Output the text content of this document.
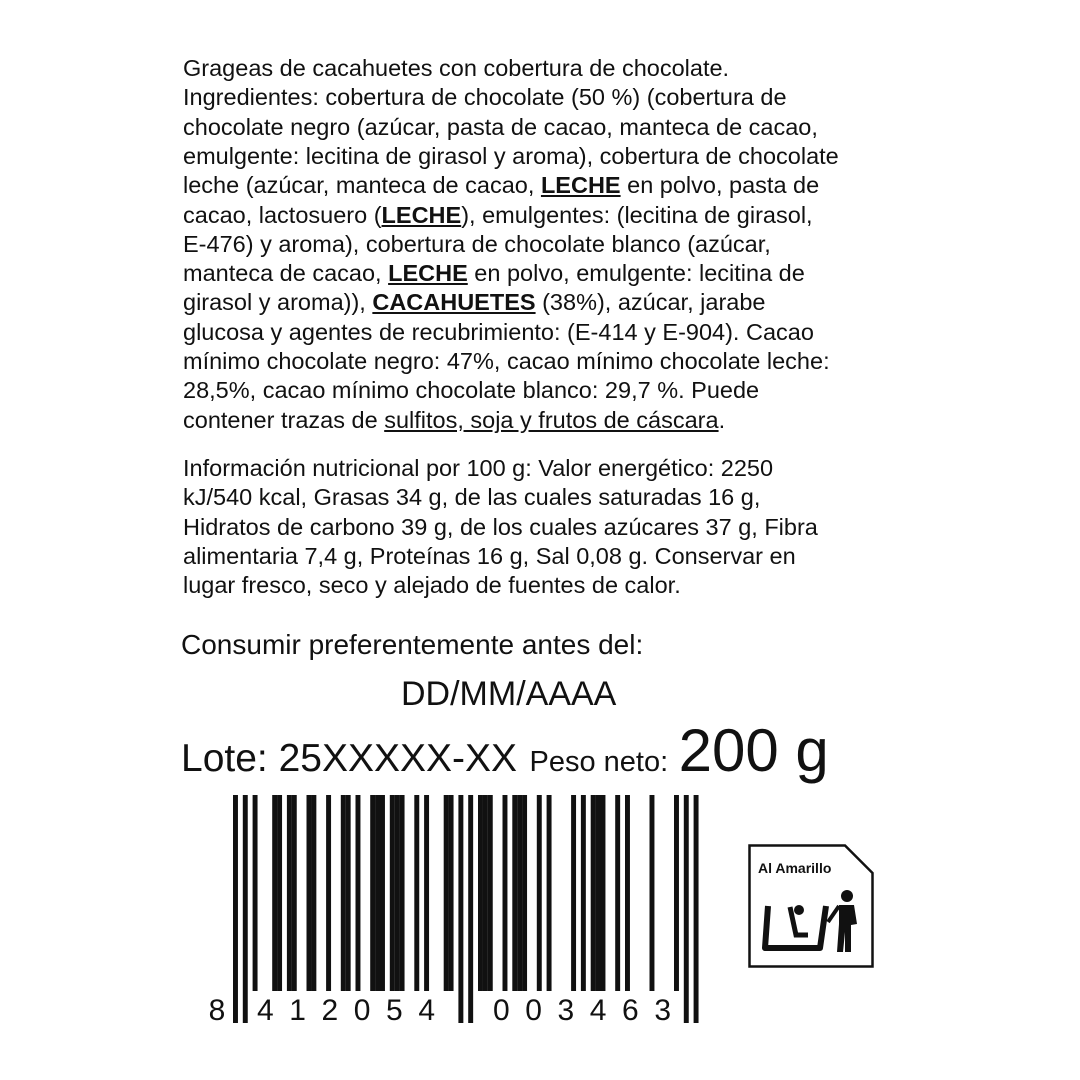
Grageas de cacahuetes con cobertura de chocolate.
Ingredientes: cobertura de chocolate (50 %) (cobertura de
chocolate negro (azúcar, pasta de cacao, manteca de cacao,
emulgente: lecitina de girasol y aroma), cobertura de chocolate
leche (azúcar, manteca de cacao, LECHE en polvo, pasta de
cacao, lactosuero (LECHE), emulgentes: (lecitina de girasol,
E-476) y aroma), cobertura de chocolate blanco (azúcar,
manteca de cacao, LECHE en polvo, emulgente: lecitina de
girasol y aroma)), CACAHUETES (38%), azúcar, jarabe
glucosa y agentes de recubrimiento: (E-414 y E-904). Cacao
mínimo chocolate negro: 47%, cacao mínimo chocolate leche:
28,5%, cacao mínimo chocolate blanco: 29,7 %. Puede
contener trazas de sulfitos, soja y frutos de cáscara.
Información nutricional por 100 g: Valor energético: 2250
kJ/540 kcal, Grasas 34 g, de las cuales saturadas 16 g,
Hidratos de carbono 39 g, de los cuales azúcares 37 g, Fibra
alimentaria 7,4 g, Proteínas 16 g, Sal 0,08 g. Conservar en
lugar fresco, seco y alejado de fuentes de calor.
Consumir preferentemente antes del:
DD/MM/AAAA
Lote: 25XXXXX-XX Peso neto: 200 g
8 412054 003463
Al Amarillo
